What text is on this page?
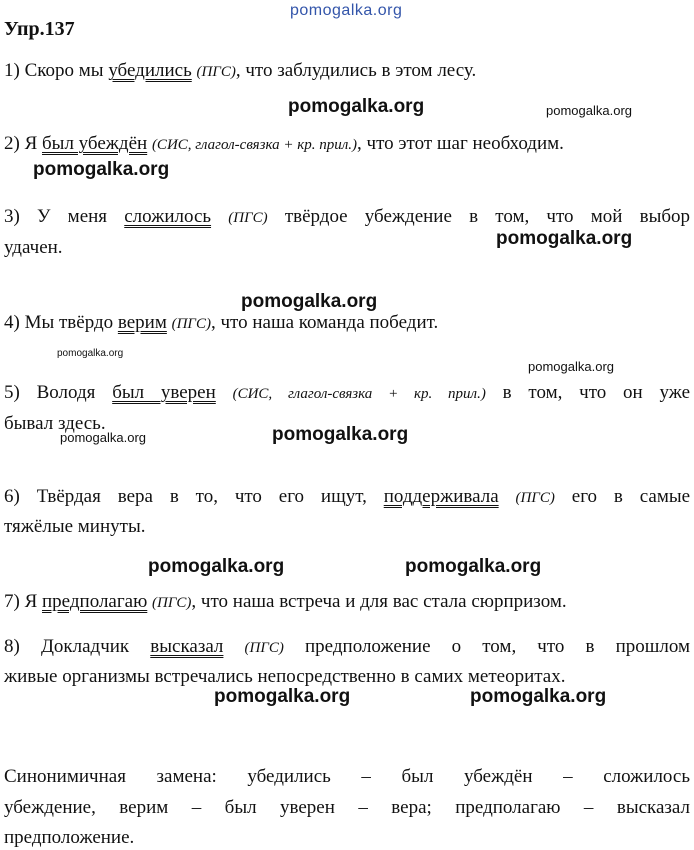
pomogalka.org
Упр.137
1) Скоро мы убедились (ПГС), что заблудились в этом лесу.
pomogalka.org	pomogalka.org
2) Я был убеждён (СИС, глагол-связка + кр. прил.), что этот шаг необходим.
pomogalka.org
3) У меня сложилось (ПГС) твёрдое убеждение в том, что мой выбор
pomogalka.org
удачен.
pomogalka.org
4) Мы твёрдо верим (ПГС), что наша команда победит.
pomogalka.org
pomogalka.org
5) Володя был уверен (СИС, глагол-связка + кр. прил.) в том, что он уже
бывал здесь.
pomogalka.org	pomogalka.org
6) Твёрдая вера в то, что его ищут, поддерживала (ПГС) его в самые
тяжёлые минуты.
pomogalka.org	pomogalka.org
7) Я предполагаю (ПГС), что наша встреча и для вас стала сюрпризом.
8) Докладчик высказал (ПГС) предположение о том, что в прошлом
живые организмы встречались непосредственно в самих метеоритах.
pomogalka.org	pomogalka.org
Синонимичная замена: убедились – был убеждён – сложилось
убеждение, верим – был уверен – вера; предполагаю – высказал
предположение.
